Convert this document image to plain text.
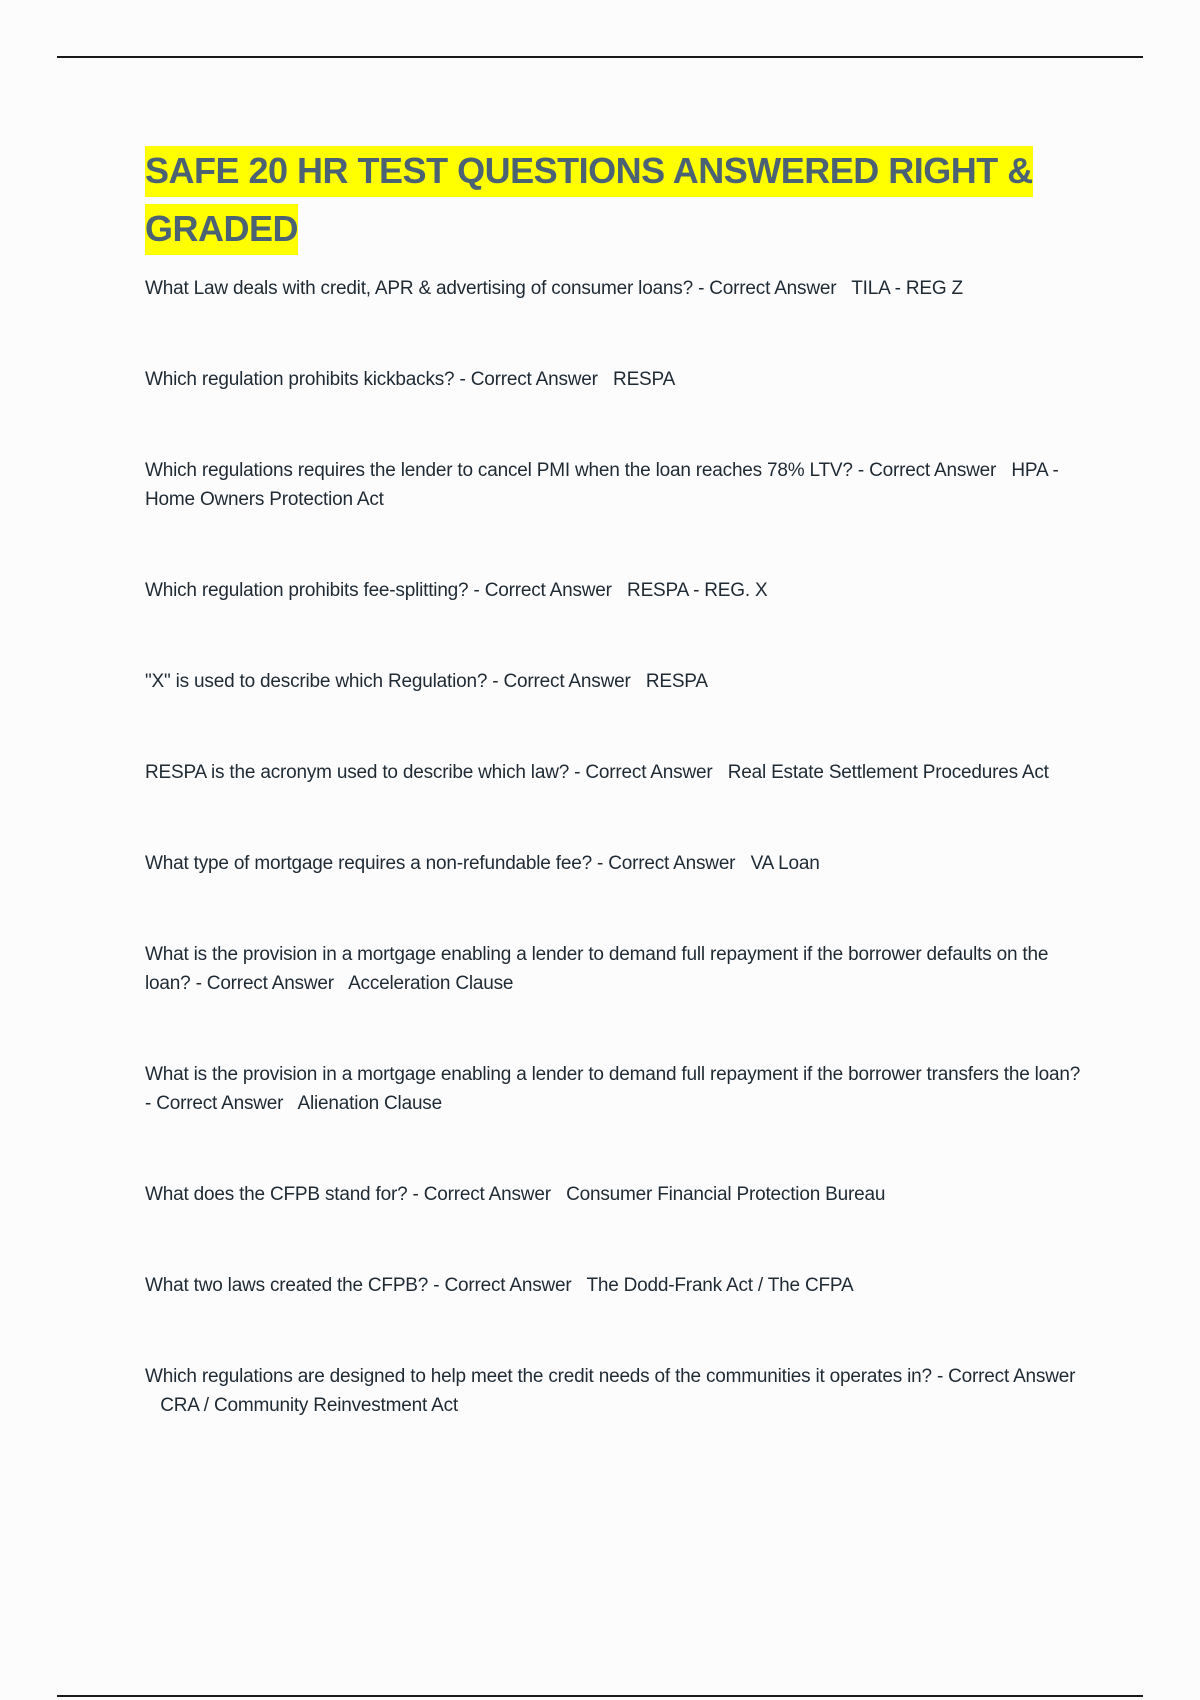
SAFE 20 HR TEST QUESTIONS ANSWERED RIGHT & GRADED

What Law deals with credit, APR & advertising of consumer loans? - Correct Answer TILA - REG Z

Which regulation prohibits kickbacks? - Correct Answer RESPA

Which regulations requires the lender to cancel PMI when the loan reaches 78% LTV? - Correct Answer HPA - Home Owners Protection Act

Which regulation prohibits fee-splitting? - Correct Answer RESPA - REG. X

"X" is used to describe which Regulation? - Correct Answer RESPA

RESPA is the acronym used to describe which law? - Correct Answer Real Estate Settlement Procedures Act

What type of mortgage requires a non-refundable fee? - Correct Answer VA Loan

What is the provision in a mortgage enabling a lender to demand full repayment if the borrower defaults on the loan? - Correct Answer Acceleration Clause

What is the provision in a mortgage enabling a lender to demand full repayment if the borrower transfers the loan? - Correct Answer Alienation Clause

What does the CFPB stand for? - Correct Answer Consumer Financial Protection Bureau

What two laws created the CFPB? - Correct Answer The Dodd-Frank Act / The CFPA

Which regulations are designed to help meet the credit needs of the communities it operates in? - Correct Answer   CRA / Community Reinvestment Act
